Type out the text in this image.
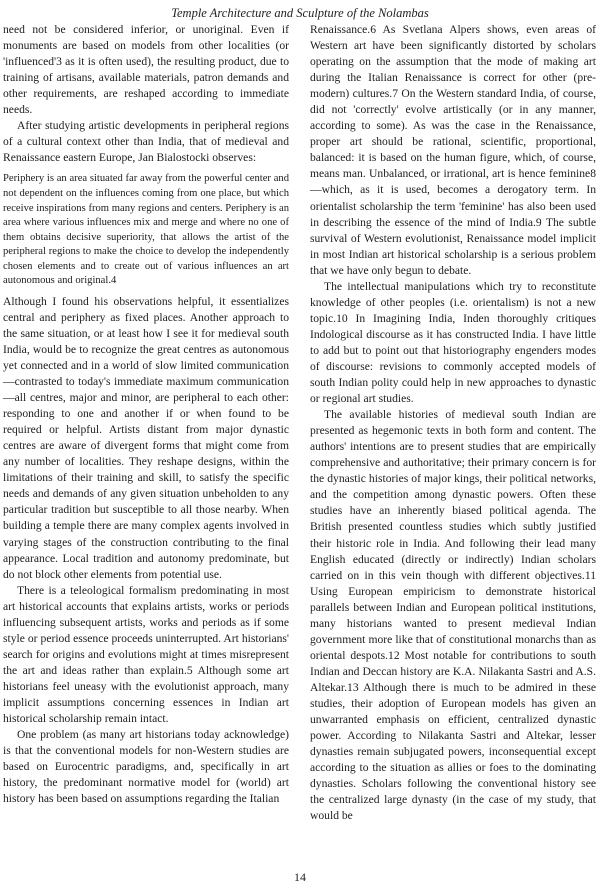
Temple Architecture and Sculpture of the Nolambas

need not be considered inferior, or unoriginal. Even if monuments are based on models from other localities (or 'influenced'3 as it is often used), the resulting product, due to training of artisans, available materials, patron demands and other requirements, are reshaped according to immediate needs.

After studying artistic developments in peripheral regions of a cultural context other than India, that of medieval and Renaissance eastern Europe, Jan Bialostocki observes:

Periphery is an area situated far away from the powerful center and not dependent on the influences coming from one place, but which receive inspirations from many regions and centers. Periphery is an area where various influences mix and merge and where no one of them obtains decisive superiority, that allows the artist of the peripheral regions to make the choice to develop the independently chosen elements and to create out of various influences an art autonomous and original.4

Although I found his observations helpful, it essentializes central and periphery as fixed places. Another approach to the same situation, or at least how I see it for medieval south India, would be to recognize the great centres as autonomous yet connected and in a world of slow limited communication—contrasted to today's immediate maximum communication—all centres, major and minor, are peripheral to each other: responding to one and another if or when found to be required or helpful. Artists distant from major dynastic centres are aware of divergent forms that might come from any number of localities. They reshape designs, within the limitations of their training and skill, to satisfy the specific needs and demands of any given situation unbeholden to any particular tradition but susceptible to all those nearby. When building a temple there are many complex agents involved in varying stages of the construction contributing to the final appearance. Local tradition and autonomy predominate, but do not block other elements from potential use.

There is a teleological formalism predominating in most art historical accounts that explains artists, works or periods influencing subsequent artists, works and periods as if some style or period essence proceeds uninterrupted. Art historians' search for origins and evolutions might at times misrepresent the art and ideas rather than explain.5 Although some art historians feel uneasy with the evolutionist approach, many implicit assumptions concerning essences in Indian art historical scholarship remain intact.

One problem (as many art historians today acknowledge) is that the conventional models for non-Western studies are based on Eurocentric paradigms, and, specifically in art history, the predominant normative model for (world) art history has been based on assumptions regarding the Italian

Renaissance.6 As Svetlana Alpers shows, even areas of Western art have been significantly distorted by scholars operating on the assumption that the mode of making art during the Italian Renaissance is correct for other (pre-modern) cultures.7 On the Western standard India, of course, did not 'correctly' evolve artistically (or in any manner, according to some). As was the case in the Renaissance, proper art should be rational, scientific, proportional, balanced: it is based on the human figure, which, of course, means man. Unbalanced, or irrational, art is hence feminine8—which, as it is used, becomes a derogatory term. In orientalist scholarship the term 'feminine' has also been used in describing the essence of the mind of India.9 The subtle survival of Western evolutionist, Renaissance model implicit in most Indian art historical scholarship is a serious problem that we have only begun to debate.

The intellectual manipulations which try to reconstitute knowledge of other peoples (i.e. orientalism) is not a new topic.10 In Imagining India, Inden thoroughly critiques Indological discourse as it has constructed India. I have little to add but to point out that historiography engenders modes of discourse: revisions to commonly accepted models of south Indian polity could help in new approaches to dynastic or regional art studies.

The available histories of medieval south Indian are presented as hegemonic texts in both form and content. The authors' intentions are to present studies that are empirically comprehensive and authoritative; their primary concern is for the dynastic histories of major kings, their political networks, and the competition among dynastic powers. Often these studies have an inherently biased political agenda. The British presented countless studies which subtly justified their historic role in India. And following their lead many English educated (directly or indirectly) Indian scholars carried on in this vein though with different objectives.11 Using European empiricism to demonstrate historical parallels between Indian and European political institutions, many historians wanted to present medieval Indian government more like that of constitutional monarchs than as oriental despots.12 Most notable for contributions to south Indian and Deccan history are K.A. Nilakanta Sastri and A.S. Altekar.13 Although there is much to be admired in these studies, their adoption of European models has given an unwarranted emphasis on efficient, centralized dynastic power. According to Nilakanta Sastri and Altekar, lesser dynasties remain subjugated powers, inconsequential except according to the situation as allies or foes to the dominating dynasties. Scholars following the conventional history see the centralized large dynasty (in the case of my study, that would be

14
